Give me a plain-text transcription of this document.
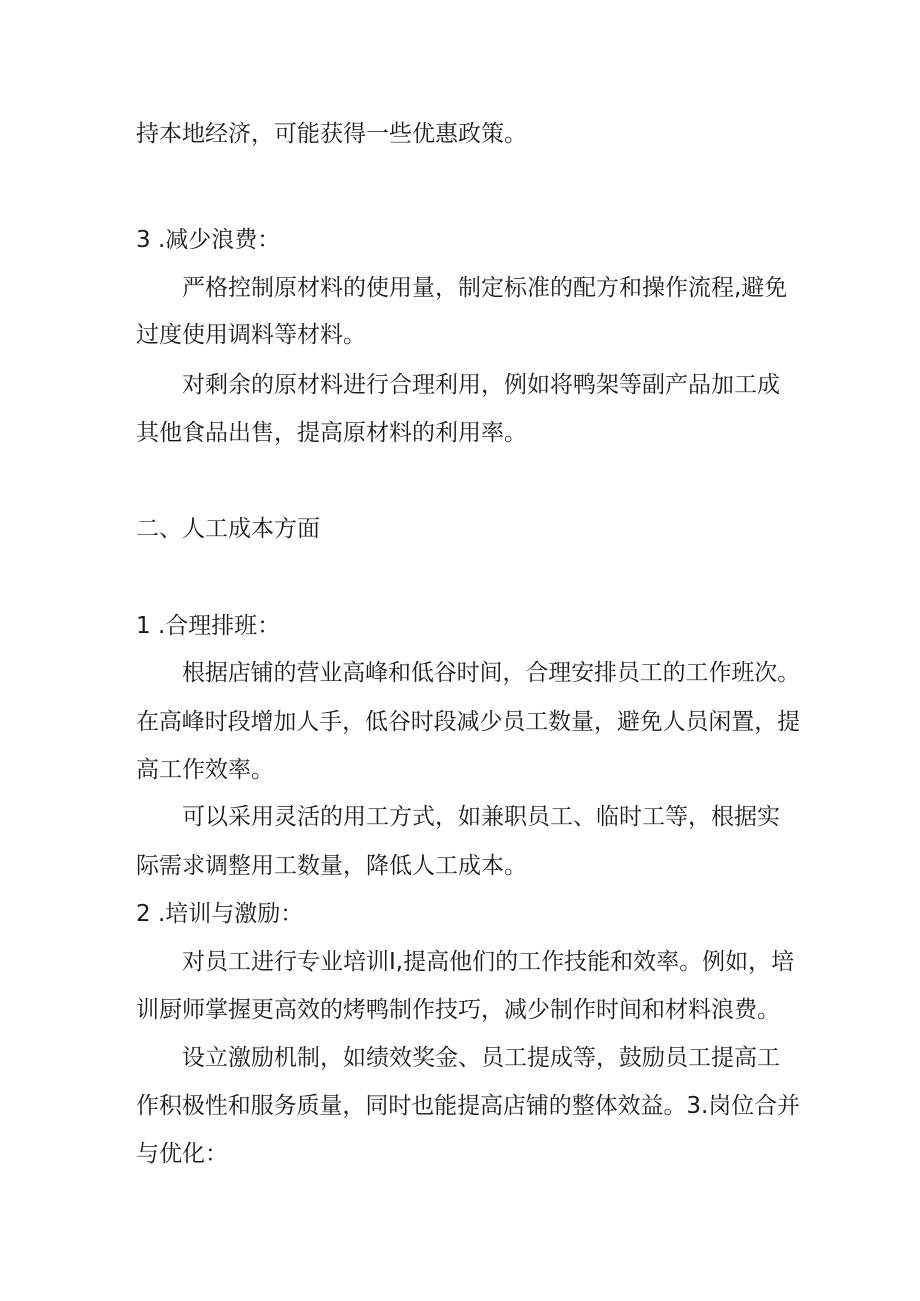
持本地经济，可能获得一些优惠政策。
3 .减少浪费：
严格控制原材料的使用量，制定标准的配方和操作流程,避免
过度使用调料等材料。
对剩余的原材料进行合理利用，例如将鸭架等副产品加工成
其他食品出售，提高原材料的利用率。
二、人工成本方面
1 .合理排班：
根据店铺的营业高峰和低谷时间，合理安排员工的工作班次。
在高峰时段增加人手，低谷时段减少员工数量，避免人员闲置，提
高工作效率。
可以采用灵活的用工方式，如兼职员工、临时工等，根据实
际需求调整用工数量，降低人工成本。
2 .培训与激励：
对员工进行专业培训I,提高他们的工作技能和效率。例如，培
训厨师掌握更高效的烤鸭制作技巧，减少制作时间和材料浪费。
设立激励机制，如绩效奖金、员工提成等，鼓励员工提高工
作积极性和服务质量，同时也能提高店铺的整体效益。3.岗位合并
与优化：
